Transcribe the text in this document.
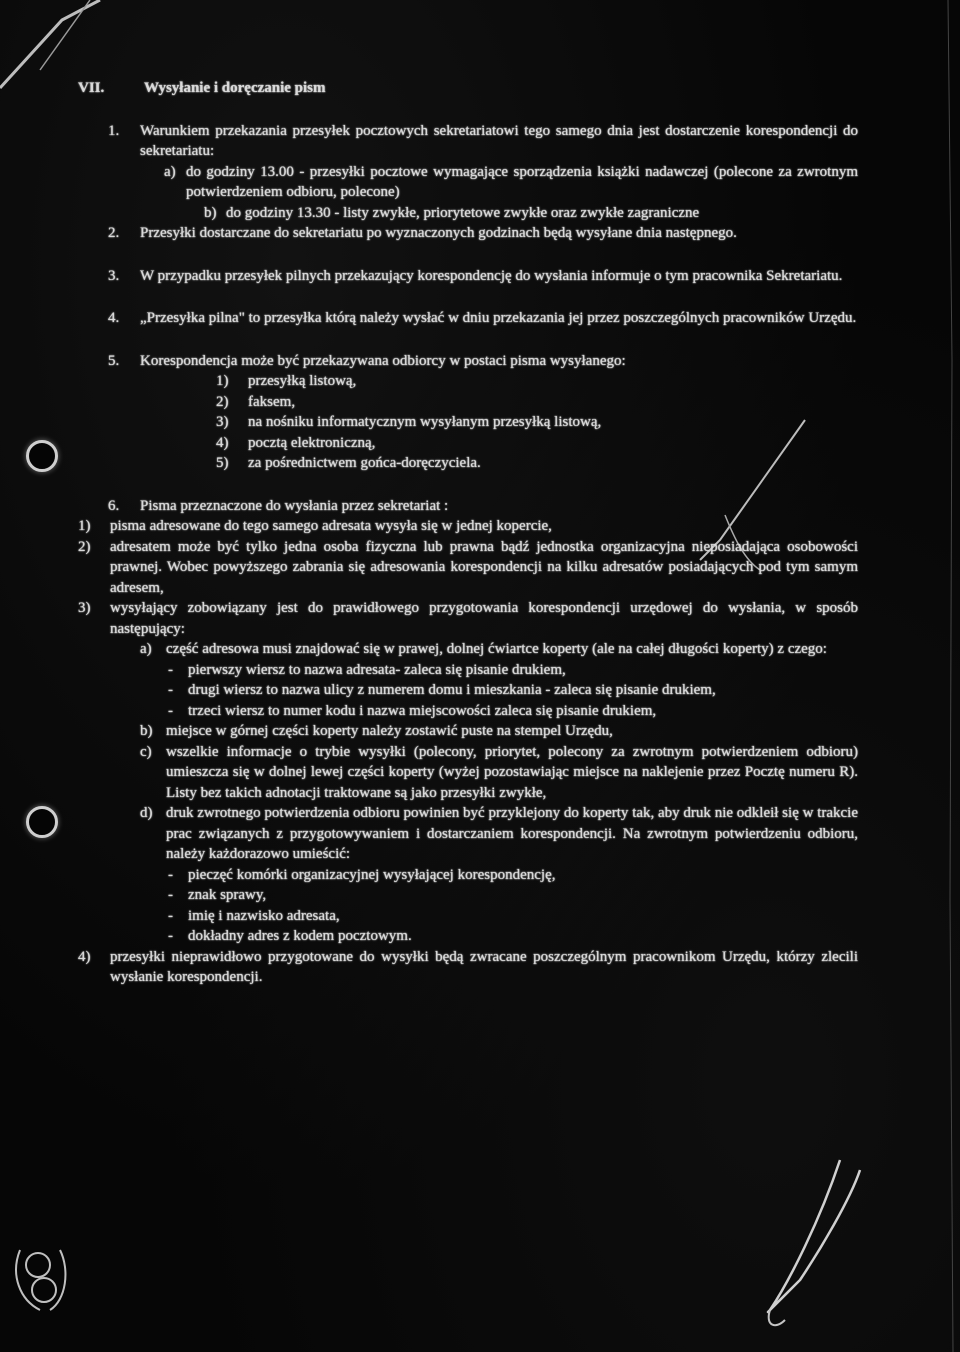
VII.	Wysyłanie i doręczanie pism
1.	Warunkiem przekazania przesyłek pocztowych sekretariatowi tego samego dnia jest dostarczenie korespondencji do sekretariatu:
a) do godziny 13.00 - przesyłki pocztowe wymagające sporządzenia książki nadawczej (polecone za zwrotnym potwierdzeniem odbioru, polecone)
b) do godziny 13.30 - listy zwykłe, priorytetowe zwykłe oraz zwykłe zagraniczne
2.	Przesyłki dostarczane do sekretariatu po wyznaczonych godzinach będą wysyłane dnia następnego.
3.	W przypadku przesyłek pilnych przekazujący korespondencję do wysłania informuje o tym pracownika Sekretariatu.
4.	„Przesyłka pilna" to przesyłka którą należy wysłać w dniu przekazania jej przez poszczególnych pracowników Urzędu.
5.	Korespondencja może być przekazywana odbiorcy w postaci pisma wysyłanego:
1)	przesyłką listową,
2)	faksem,
3)	na nośniku informatycznym wysyłanym przesyłką listową,
4)	pocztą elektroniczną,
5)	za pośrednictwem gońca-doręczyciela.
6.	Pisma przeznaczone do wysłania przez sekretariat :
1)	pisma adresowane do tego samego adresata wysyła się w jednej kopercie,
2)	adresatem może być tylko jedna osoba fizyczna lub prawna bądź jednostka organizacyjna nieposiadająca osobowości prawnej. Wobec powyższego zabrania się adresowania korespondencji na kilku adresatów posiadających pod tym samym adresem,
3)	wysyłający zobowiązany jest do prawidłowego przygotowania korespondencji urzędowej do wysłania, w sposób następujący:
a) część adresowa musi znajdować się w prawej, dolnej ćwiartce koperty (ale na całej długości koperty) z czego:
-	pierwszy wiersz to nazwa adresata- zaleca się pisanie drukiem,
-	drugi wiersz to nazwa ulicy z numerem domu i mieszkania - zaleca się pisanie drukiem,
-	trzeci wiersz to numer kodu i nazwa miejscowości zaleca się pisanie drukiem,
b) miejsce w górnej części koperty należy zostawić puste na stempel Urzędu,
c) wszelkie informacje o trybie wysyłki (polecony, priorytet, polecony za zwrotnym potwierdzeniem odbioru) umieszcza się w dolnej lewej części koperty (wyżej pozostawiając miejsce na naklejenie przez Pocztę numeru R). Listy bez takich adnotacji traktowane są jako przesyłki zwykłe,
d) druk zwrotnego potwierdzenia odbioru powinien być przyklejony do koperty tak, aby druk nie odkleił się w trakcie prac związanych z przygotowywaniem i dostarczaniem korespondencji. Na zwrotnym potwierdzeniu odbioru, należy każdorazowo umieścić:
-	pieczęć komórki organizacyjnej wysyłającej korespondencję,
-	znak sprawy,
-	imię i nazwisko adresata,
-	dokładny adres z kodem pocztowym.
4)	przesyłki nieprawidłowo przygotowane do wysyłki będą zwracane poszczególnym pracownikom Urzędu, którzy zlecili wysłanie korespondencji.
